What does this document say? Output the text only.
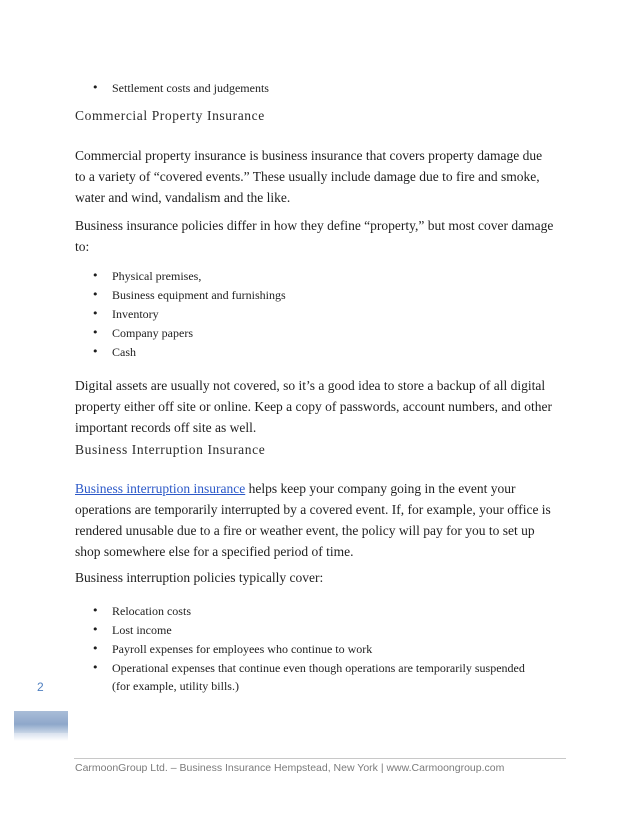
• Settlement costs and judgements
Commercial Property Insurance
Commercial property insurance is business insurance that covers property damage due
to a variety of “covered events.” These usually include damage due to fire and smoke,
water and wind, vandalism and the like.
Business insurance policies differ in how they define “property,” but most cover damage
to:
• Physical premises,
• Business equipment and furnishings
• Inventory
• Company papers
• Cash
Digital assets are usually not covered, so it’s a good idea to store a backup of all digital
property either off site or online. Keep a copy of passwords, account numbers, and other
important records off site as well.
Business Interruption Insurance
Business interruption insurance helps keep your company going in the event your
operations are temporarily interrupted by a covered event. If, for example, your office is
rendered unusable due to a fire or weather event, the policy will pay for you to set up
shop somewhere else for a specified period of time.
Business interruption policies typically cover:
• Relocation costs
• Lost income
• Payroll expenses for employees who continue to work
• Operational expenses that continue even though operations are temporarily suspended
(for example, utility bills.)
2
CarmoonGroup Ltd. – Business Insurance Hempstead, New York | www.Carmoongroup.com
